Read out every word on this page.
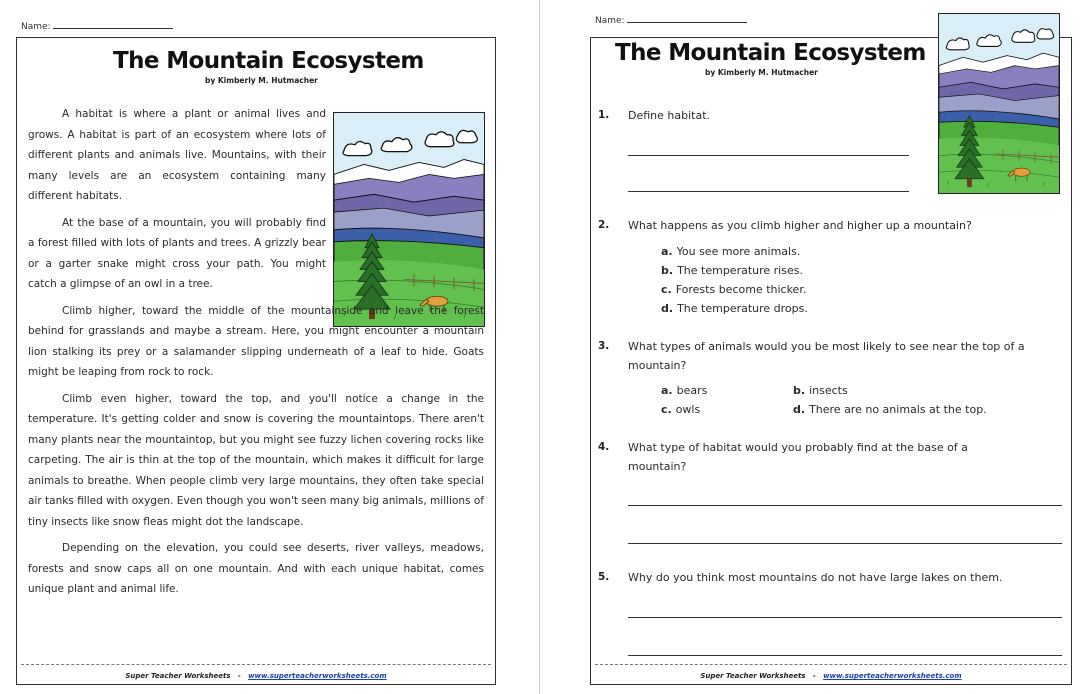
Name:
The Mountain Ecosystem
by Kimberly M. Hutmacher

A habitat is where a plant or animal lives and grows. A habitat is part of an ecosystem where lots of different plants and animals live. Mountains, with their many levels are an ecosystem containing many different habitats.

At the base of a mountain, you will probably find a forest filled with lots of plants and trees. A grizzly bear or a garter snake might cross your path. You might catch a glimpse of an owl in a tree.

Climb higher, toward the middle of the mountainside and leave the forest behind for grasslands and maybe a stream. Here, you might encounter a mountain lion stalking its prey or a salamander slipping underneath of a leaf to hide. Goats might be leaping from rock to rock.

Climb even higher, toward the top, and you'll notice a change in the temperature. It's getting colder and snow is covering the mountaintops. There aren't many plants near the mountaintop, but you might see fuzzy lichen covering rocks like carpeting. The air is thin at the top of the mountain, which makes it difficult for large animals to breathe. When people climb very large mountains, they often take special air tanks filled with oxygen. Even though you won't seen many big animals, millions of tiny insects like snow fleas might dot the landscape.

Depending on the elevation, you could see deserts, river valleys, meadows, forests and snow caps all on one mountain. And with each unique habitat, comes unique plant and animal life.

Super Teacher Worksheets - www.superteacherworksheets.com
Name:
The Mountain Ecosystem
by Kimberly M. Hutmacher
1. Define habitat.
2. What happens as you climb higher and higher up a mountain?
a. You see more animals.
b. The temperature rises.
c. Forests become thicker.
d. The temperature drops.
3. What types of animals would you be most likely to see near the top of a mountain?
a. bears	b. insects
c. owls	d. There are no animals at the top.
4. What type of habitat would you probably find at the base of a mountain?
5. Why do you think most mountains do not have large lakes on them.
Super Teacher Worksheets - www.superteacherworksheets.com
